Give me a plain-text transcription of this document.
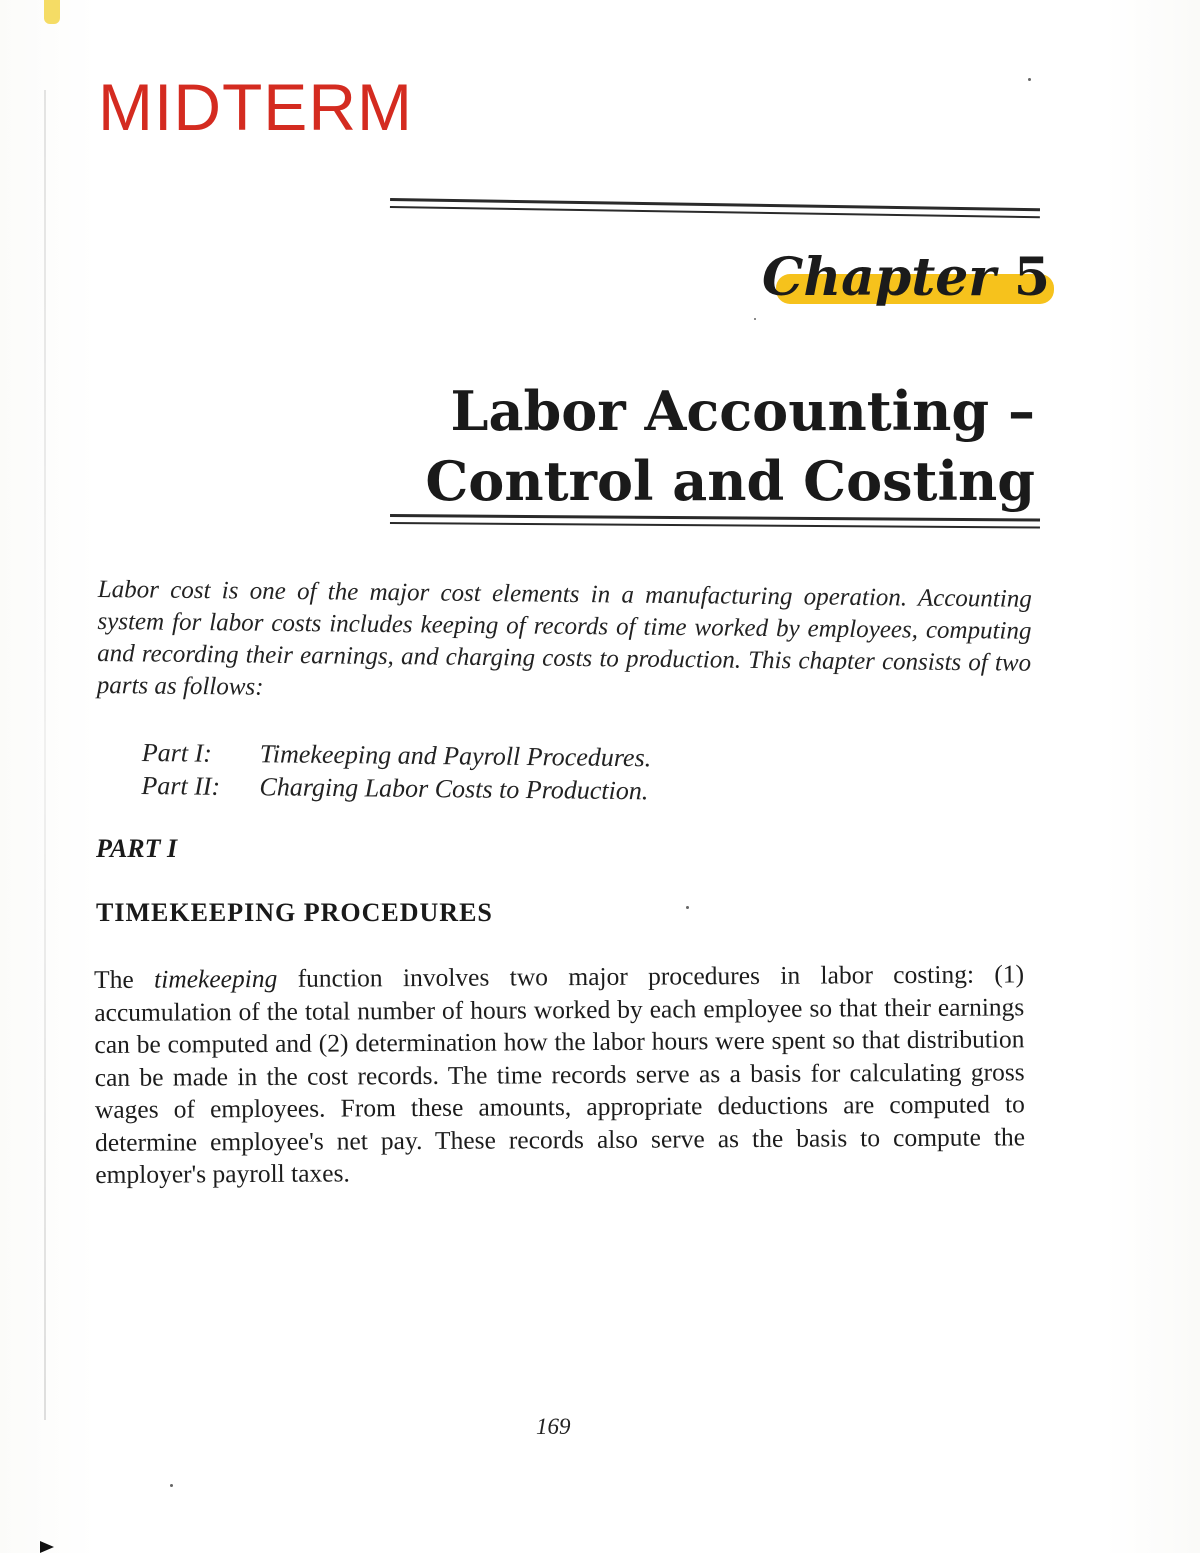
MIDTERM
Chapter 5
Labor Accounting –
Control and Costing

Labor cost is one of the major cost elements in a manufacturing operation. Accounting system for labor costs includes keeping of records of time worked by employees, computing and recording their earnings, and charging costs to production. This chapter consists of two parts as follows:

Part I:	Timekeeping and Payroll Procedures.
Part II:	Charging Labor Costs to Production.
PART I
TIMEKEEPING PROCEDURES

The timekeeping function involves two major procedures in labor costing: (1) accumulation of the total number of hours worked by each employee so that their earnings can be computed and (2) determination how the labor hours were spent so that distribution can be made in the cost records. The time records serve as a basis for calculating gross wages of employees. From these amounts, appropriate deductions are computed to determine employee's net pay. These records also serve as the basis to compute the employer's payroll taxes.

169
